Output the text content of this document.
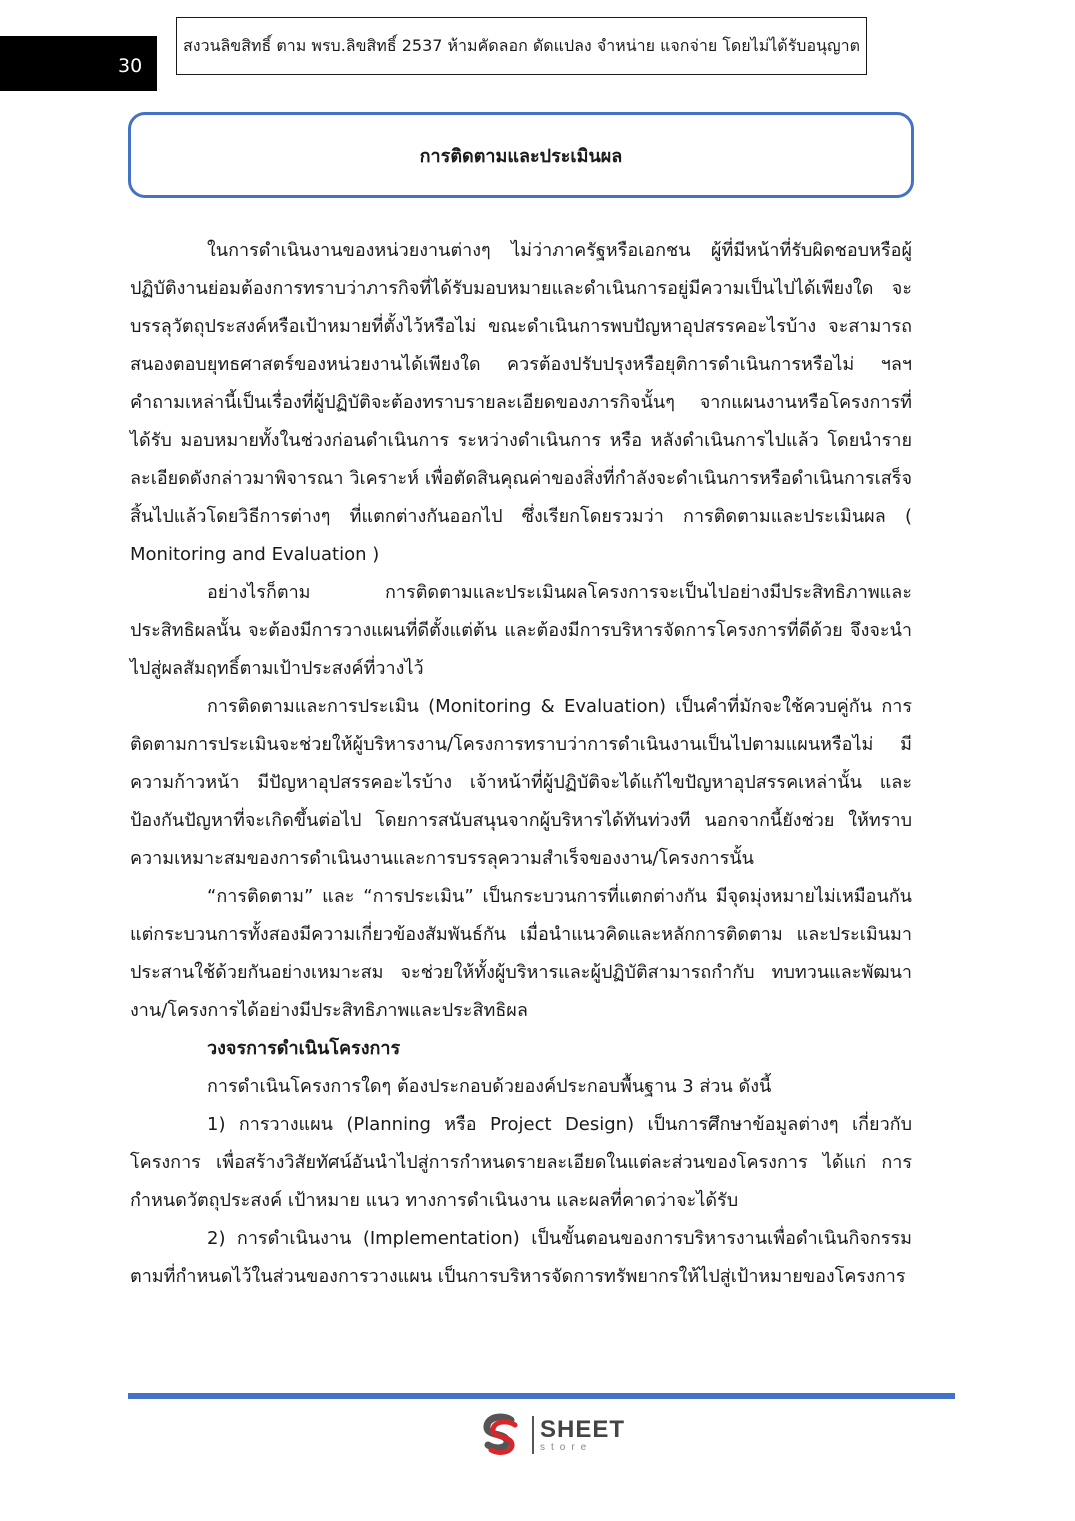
30
สงวนลิขสิทธิ์ ตาม พรบ.ลิขสิทธิ์ 2537 ห้ามคัดลอก ดัดแปลง จำหน่าย แจกจ่าย โดยไม่ได้รับอนุญาต
การติดตามและประเมินผล

ในการดำเนินงานของหน่วยงานต่างๆ ไม่ว่าภาครัฐหรือเอกชน ผู้ที่มีหน้าที่รับผิดชอบหรือผู้ปฏิบัติงานย่อมต้องการทราบว่าภารกิจที่ได้รับมอบหมายและดำเนินการอยู่มีความเป็นไปได้เพียงใด จะบรรลุวัตถุประสงค์หรือเป้าหมายที่ตั้งไว้หรือไม่ ขณะดำเนินการพบปัญหาอุปสรรคอะไรบ้าง จะสามารถสนองตอบยุทธศาสตร์ของหน่วยงานได้เพียงใด ควรต้องปรับปรุงหรือยุติการดำเนินการหรือไม่ ฯลฯ คำถามเหล่านี้เป็นเรื่องที่ผู้ปฏิบัติจะต้องทราบรายละเอียดของภารกิจนั้นๆ จากแผนงานหรือโครงการที่ได้รับ มอบหมายทั้งในช่วงก่อนดำเนินการ ระหว่างดำเนินการ หรือ หลังดำเนินการไปแล้ว โดยนำรายละเอียดดังกล่าวมาพิจารณา วิเคราะห์ เพื่อตัดสินคุณค่าของสิ่งที่กำลังจะดำเนินการหรือดำเนินการเสร็จสิ้นไปแล้วโดยวิธีการต่างๆ ที่แตกต่างกันออกไป ซึ่งเรียกโดยรวมว่า การติดตามและประเมินผล ( Monitoring and Evaluation )

อย่างไรก็ตาม การติดตามและประเมินผลโครงการจะเป็นไปอย่างมีประสิทธิภาพและประสิทธิผลนั้น จะต้องมีการวางแผนที่ดีตั้งแต่ต้น และต้องมีการบริหารจัดการโครงการที่ดีด้วย จึงจะนำไปสู่ผลสัมฤทธิ์ตามเป้าประสงค์ที่วางไว้

การติดตามและการประเมิน (Monitoring & Evaluation) เป็นคำที่มักจะใช้ควบคู่กัน การติดตามการประเมินจะช่วยให้ผู้บริหารงาน/โครงการทราบว่าการดำเนินงานเป็นไปตามแผนหรือไม่ มีความก้าวหน้า มีปัญหาอุปสรรคอะไรบ้าง เจ้าหน้าที่ผู้ปฏิบัติจะได้แก้ไขปัญหาอุปสรรคเหล่านั้น และป้องกันปัญหาที่จะเกิดขึ้นต่อไป โดยการสนับสนุนจากผู้บริหารได้ทันท่วงที นอกจากนี้ยังช่วย ให้ทราบความเหมาะสมของการดำเนินงานและการบรรลุความสำเร็จของงาน/โครงการนั้น

“การติดตาม” และ “การประเมิน” เป็นกระบวนการที่แตกต่างกัน มีจุดมุ่งหมายไม่เหมือนกัน แต่กระบวนการทั้งสองมีความเกี่ยวข้องสัมพันธ์กัน เมื่อนำแนวคิดและหลักการติดตาม และประเมินมาประสานใช้ด้วยกันอย่างเหมาะสม จะช่วยให้ทั้งผู้บริหารและผู้ปฏิบัติสามารถกำกับ ทบทวนและพัฒนางาน/โครงการได้อย่างมีประสิทธิภาพและประสิทธิผล

วงจรการดำเนินโครงการ

การดำเนินโครงการใดๆ ต้องประกอบด้วยองค์ประกอบพื้นฐาน 3 ส่วน ดังนี้

1) การวางแผน (Planning หรือ Project Design) เป็นการศึกษาข้อมูลต่างๆ เกี่ยวกับโครงการ เพื่อสร้างวิสัยทัศน์อันนำไปสู่การกำหนดรายละเอียดในแต่ละส่วนของโครงการ ได้แก่ การกำหนดวัตถุประสงค์ เป้าหมาย แนว ทางการดำเนินงาน และผลที่คาดว่าจะได้รับ

2) การดำเนินงาน (Implementation) เป็นขั้นตอนของการบริหารงานเพื่อดำเนินกิจกรรมตามที่กำหนดไว้ในส่วนของการวางแผน เป็นการบริหารจัดการทรัพยากรให้ไปสู่เป้าหมายของโครงการ

SHEET
store
